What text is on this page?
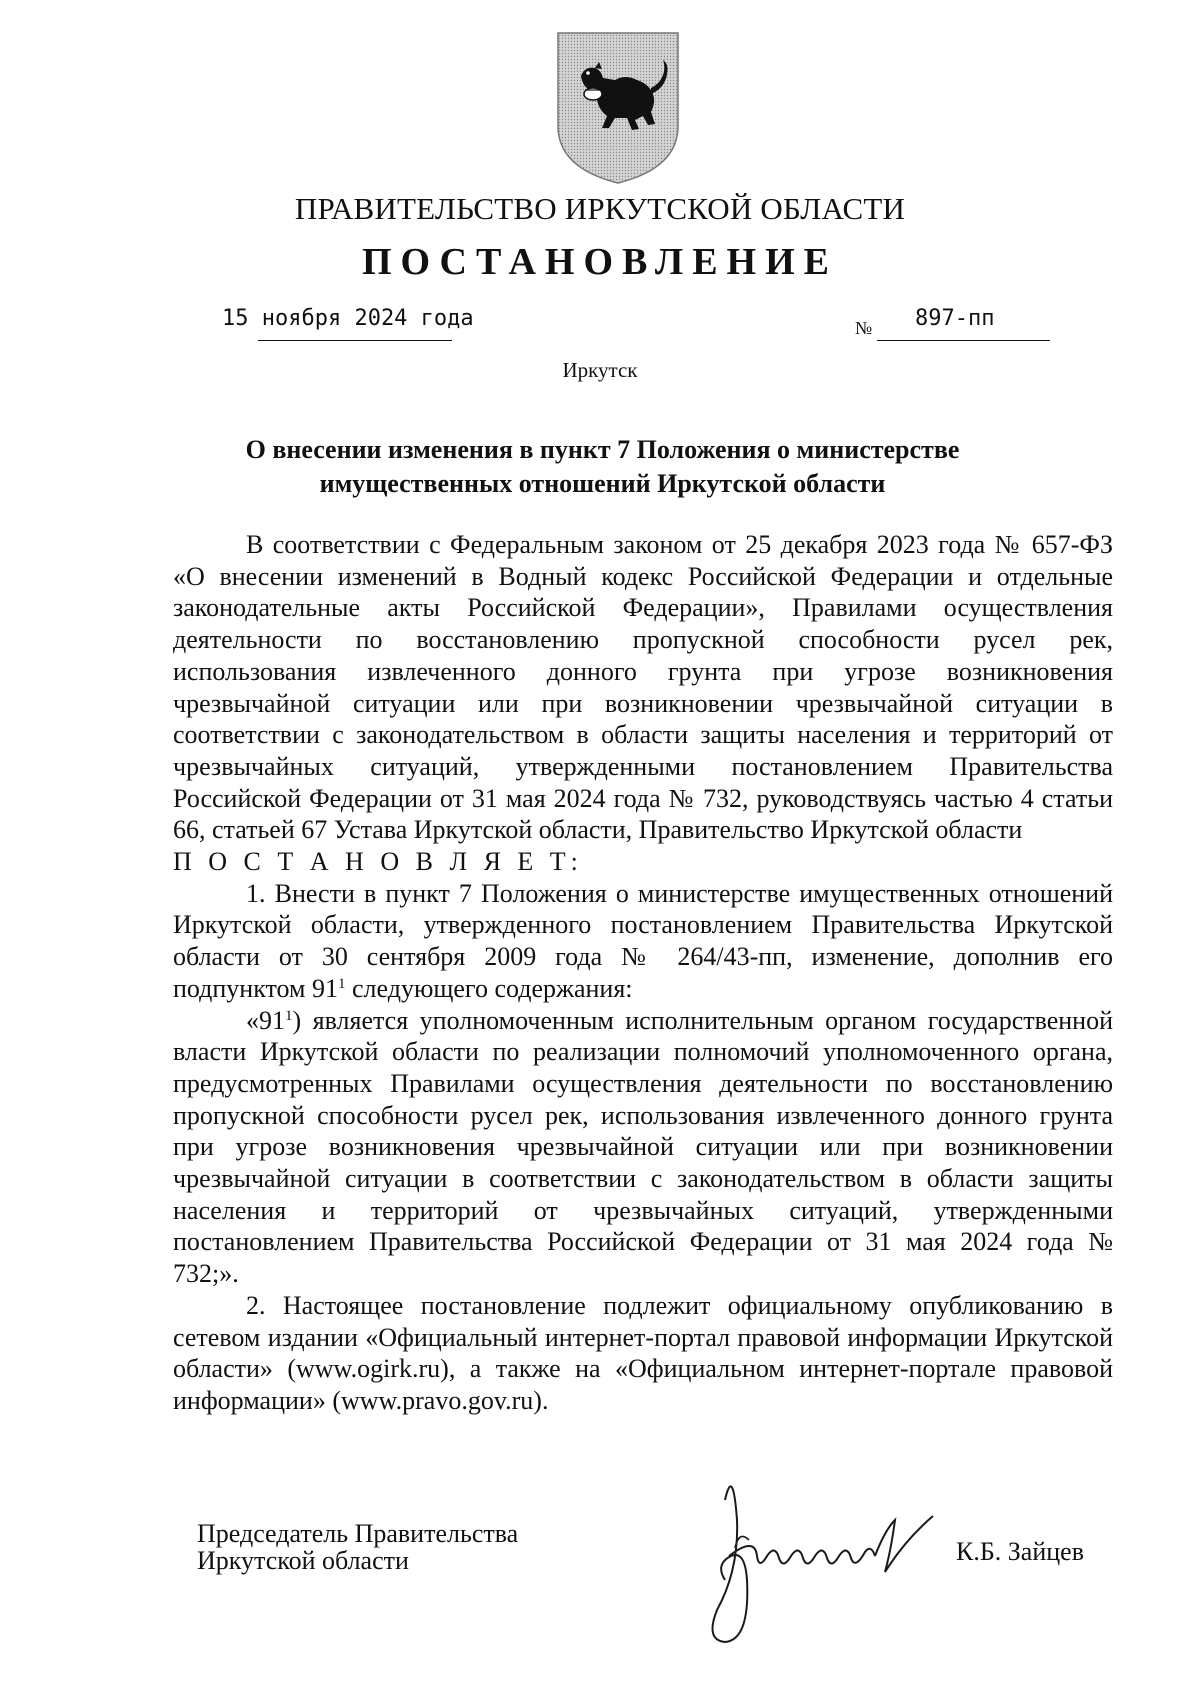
ПРАВИТЕЛЬСТВО ИРКУТСКОЙ ОБЛАСТИ
ПОСТАНОВЛЕНИЕ
15 ноября 2024 года	№ 897-пп
Иркутск
О внесении изменения в пункт 7 Положения о министерстве
имущественных отношений Иркутской области

В соответствии с Федеральным законом от 25 декабря 2023 года № 657-ФЗ «О внесении изменений в Водный кодекс Российской Федерации и отдельные законодательные акты Российской Федерации», Правилами осуществления деятельности по восстановлению пропускной способности русел рек, использования извлеченного донного грунта при угрозе возникновения чрезвычайной ситуации или при возникновении чрезвычайной ситуации в соответствии с законодательством в области защиты населения и территорий от чрезвычайных ситуаций, утвержденными постановлением Правительства Российской Федерации от 31 мая 2024 года № 732, руководствуясь частью 4 статьи 66, статьей 67 Устава Иркутской области, Правительство Иркутской области

П О С Т А Н О В Л Я Е Т:

1. Внести в пункт 7 Положения о министерстве имущественных отношений Иркутской области, утвержденного постановлением Правительства Иркутской области от 30 сентября 2009 года № 264/43-пп, изменение, дополнив его подпунктом $91^1$ следующего содержания:

«$91^1$) является уполномоченным исполнительным органом государственной власти Иркутской области по реализации полномочий уполномоченного органа, предусмотренных Правилами осуществления деятельности по восстановлению пропускной способности русел рек, использования извлеченного донного грунта при угрозе возникновения чрезвычайной ситуации или при возникновении чрезвычайной ситуации в соответствии с законодательством в области защиты населения и территорий от чрезвычайных ситуаций, утвержденными постановлением Правительства Российской Федерации от 31 мая 2024 года № 732;».

2. Настоящее постановление подлежит официальному опубликованию в сетевом издании «Официальный интернет-портал правовой информации Иркутской области» (www.ogirk.ru), а также на «Официальном интернет-портале правовой информации» (www.pravo.gov.ru).

Председатель Правительства
Иркутской области	К.Б. Зайцев
